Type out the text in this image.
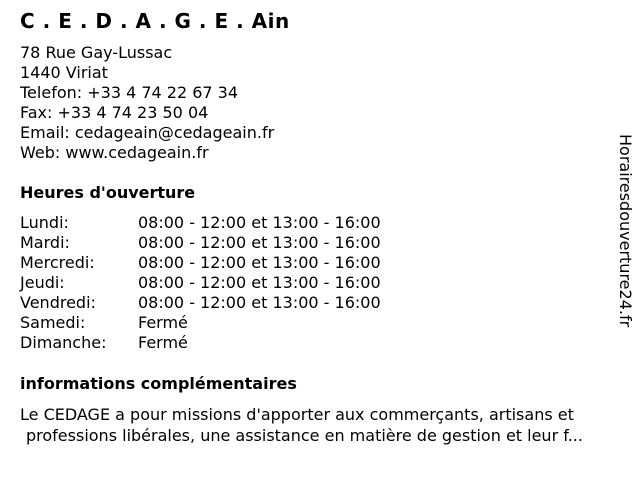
C . E . D . A . G . E . Ain
78 Rue Gay-Lussac
1440 Viriat
Telefon: +33 4 74 22 67 34
Fax: +33 4 74 23 50 04
Email: cedageain@cedageain.fr
Web: www.cedageain.fr
Heures d'ouverture
Lundi:	08:00 - 12:00 et 13:00 - 16:00
Mardi:	08:00 - 12:00 et 13:00 - 16:00
Mercredi:	08:00 - 12:00 et 13:00 - 16:00
Jeudi:	08:00 - 12:00 et 13:00 - 16:00
Vendredi:	08:00 - 12:00 et 13:00 - 16:00
Samedi:	Fermé
Dimanche:	Fermé
informations complémentaires
Le CEDAGE a pour missions d'apporter aux commerçants, artisans et
professions libérales, une assistance en matière de gestion et leur f...
Horairesdouverture24.fr
